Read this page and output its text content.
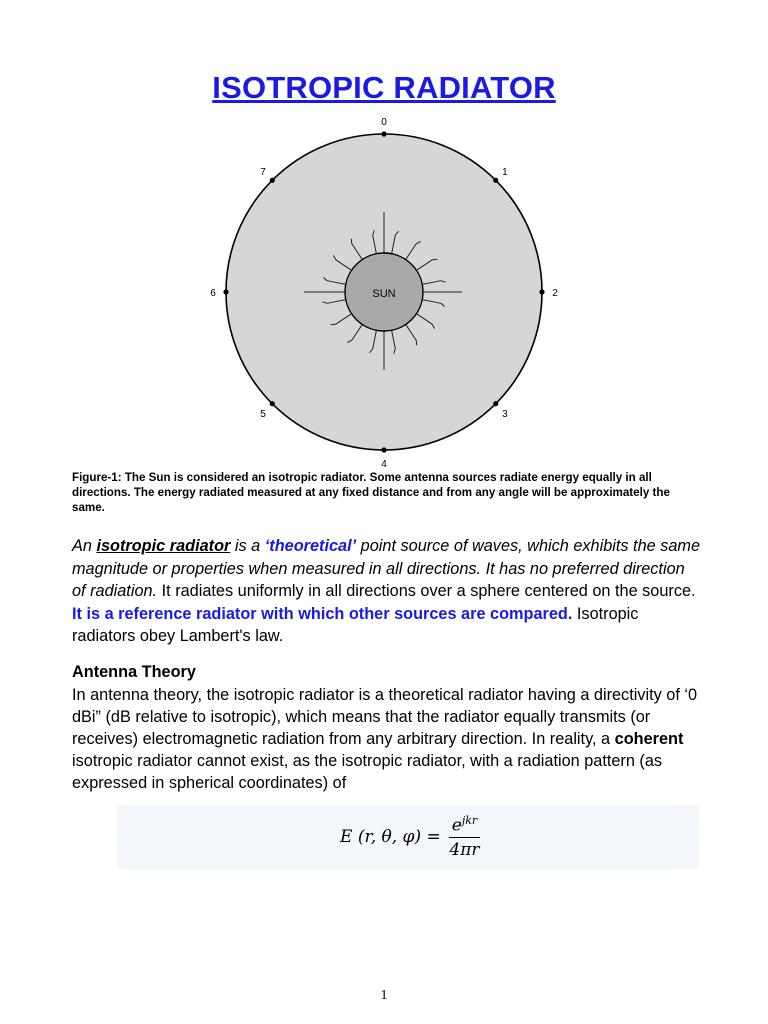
ISOTROPIC RADIATOR
SUN
0
1
2
3
4
5
6
7
Figure-1: The Sun is considered an isotropic radiator. Some antenna sources radiate energy equally in all directions. The energy radiated measured at any fixed distance and from any angle will be approximately the same.
An isotropic radiator is a ‘theoretical’ point source of waves, which exhibits the same magnitude or properties when measured in all directions. It has no preferred direction of radiation. It radiates uniformly in all directions over a sphere centered on the source. It is a reference radiator with which other sources are compared. Isotropic radiators obey Lambert's law.
Antenna Theory
In antenna theory, the isotropic radiator is a theoretical radiator having a directivity of ‘0 dBi” (dB relative to isotropic), which means that the radiator equally transmits (or receives) electromagnetic radiation from any arbitrary direction. In reality, a coherent isotropic radiator cannot exist, as the isotropic radiator, with a radiation pattern (as expressed in spherical coordinates) of
E (r, θ, $\varphi) = \frac{e^{jkr}}{4\pi r}$
1
